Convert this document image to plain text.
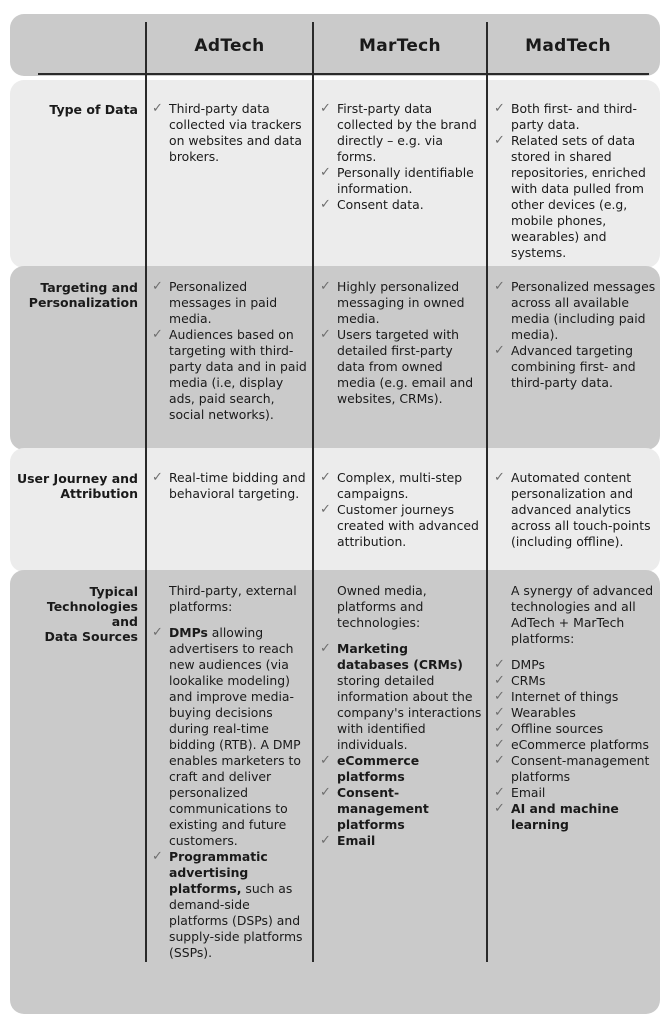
AdTech	MarTech	MadTech
Type of Data ✓ Third-party data collected via trackers on websites and data brokers.
✓ First-party data collected by the brand directly – e.g. via forms.
✓ Personally identifiable information.
✓ Consent data.
✓ Both first- and third-party data.
✓ Related sets of data stored in shared repositories, enriched with data pulled from other devices (e.g, mobile phones, wearables) and systems.
Targeting and
Personalization
✓ Personalized messages in paid media.
✓ Audiences based on targeting with third-party data and in paid media (i.e, display ads, paid search, social networks).
✓ Highly personalized messaging in owned media.
✓ Users targeted with detailed first-party data from owned media (e.g. email and websites, CRMs).
✓ Personalized messages across all available media (including paid media).
✓ Advanced targeting combining first- and third-party data.
User Journey and
Attribution
✓ Real-time bidding and behavioral targeting.
✓ Complex, multi-step campaigns.
✓ Customer journeys created with advanced attribution.
✓ Automated content personalization and advanced analytics across all touch-points (including offline).
Typical
Technologies
and
Data Sources
Third-party, external platforms:
✓ DMPs allowing advertisers to reach new audiences (via lookalike modeling) and improve media-buying decisions during real-time bidding (RTB). A DMP enables marketers to craft and deliver personalized communications to existing and future customers.
✓ Programmatic advertising platforms, such as demand-side platforms (DSPs) and supply-side platforms (SSPs).
Owned media, platforms and technologies:
✓ Marketing databases (CRMs) storing detailed information about the company's interactions with identified individuals.
✓ eCommerce platforms
✓ Consent-management platforms
✓ Email
A synergy of advanced technologies and all AdTech + MarTech platforms:
✓ DMPs
✓ CRMs
✓ Internet of things
✓ Wearables
✓ Offline sources
✓ eCommerce platforms
✓ Consent-management platforms
✓ Email
✓ AI and machine learning
